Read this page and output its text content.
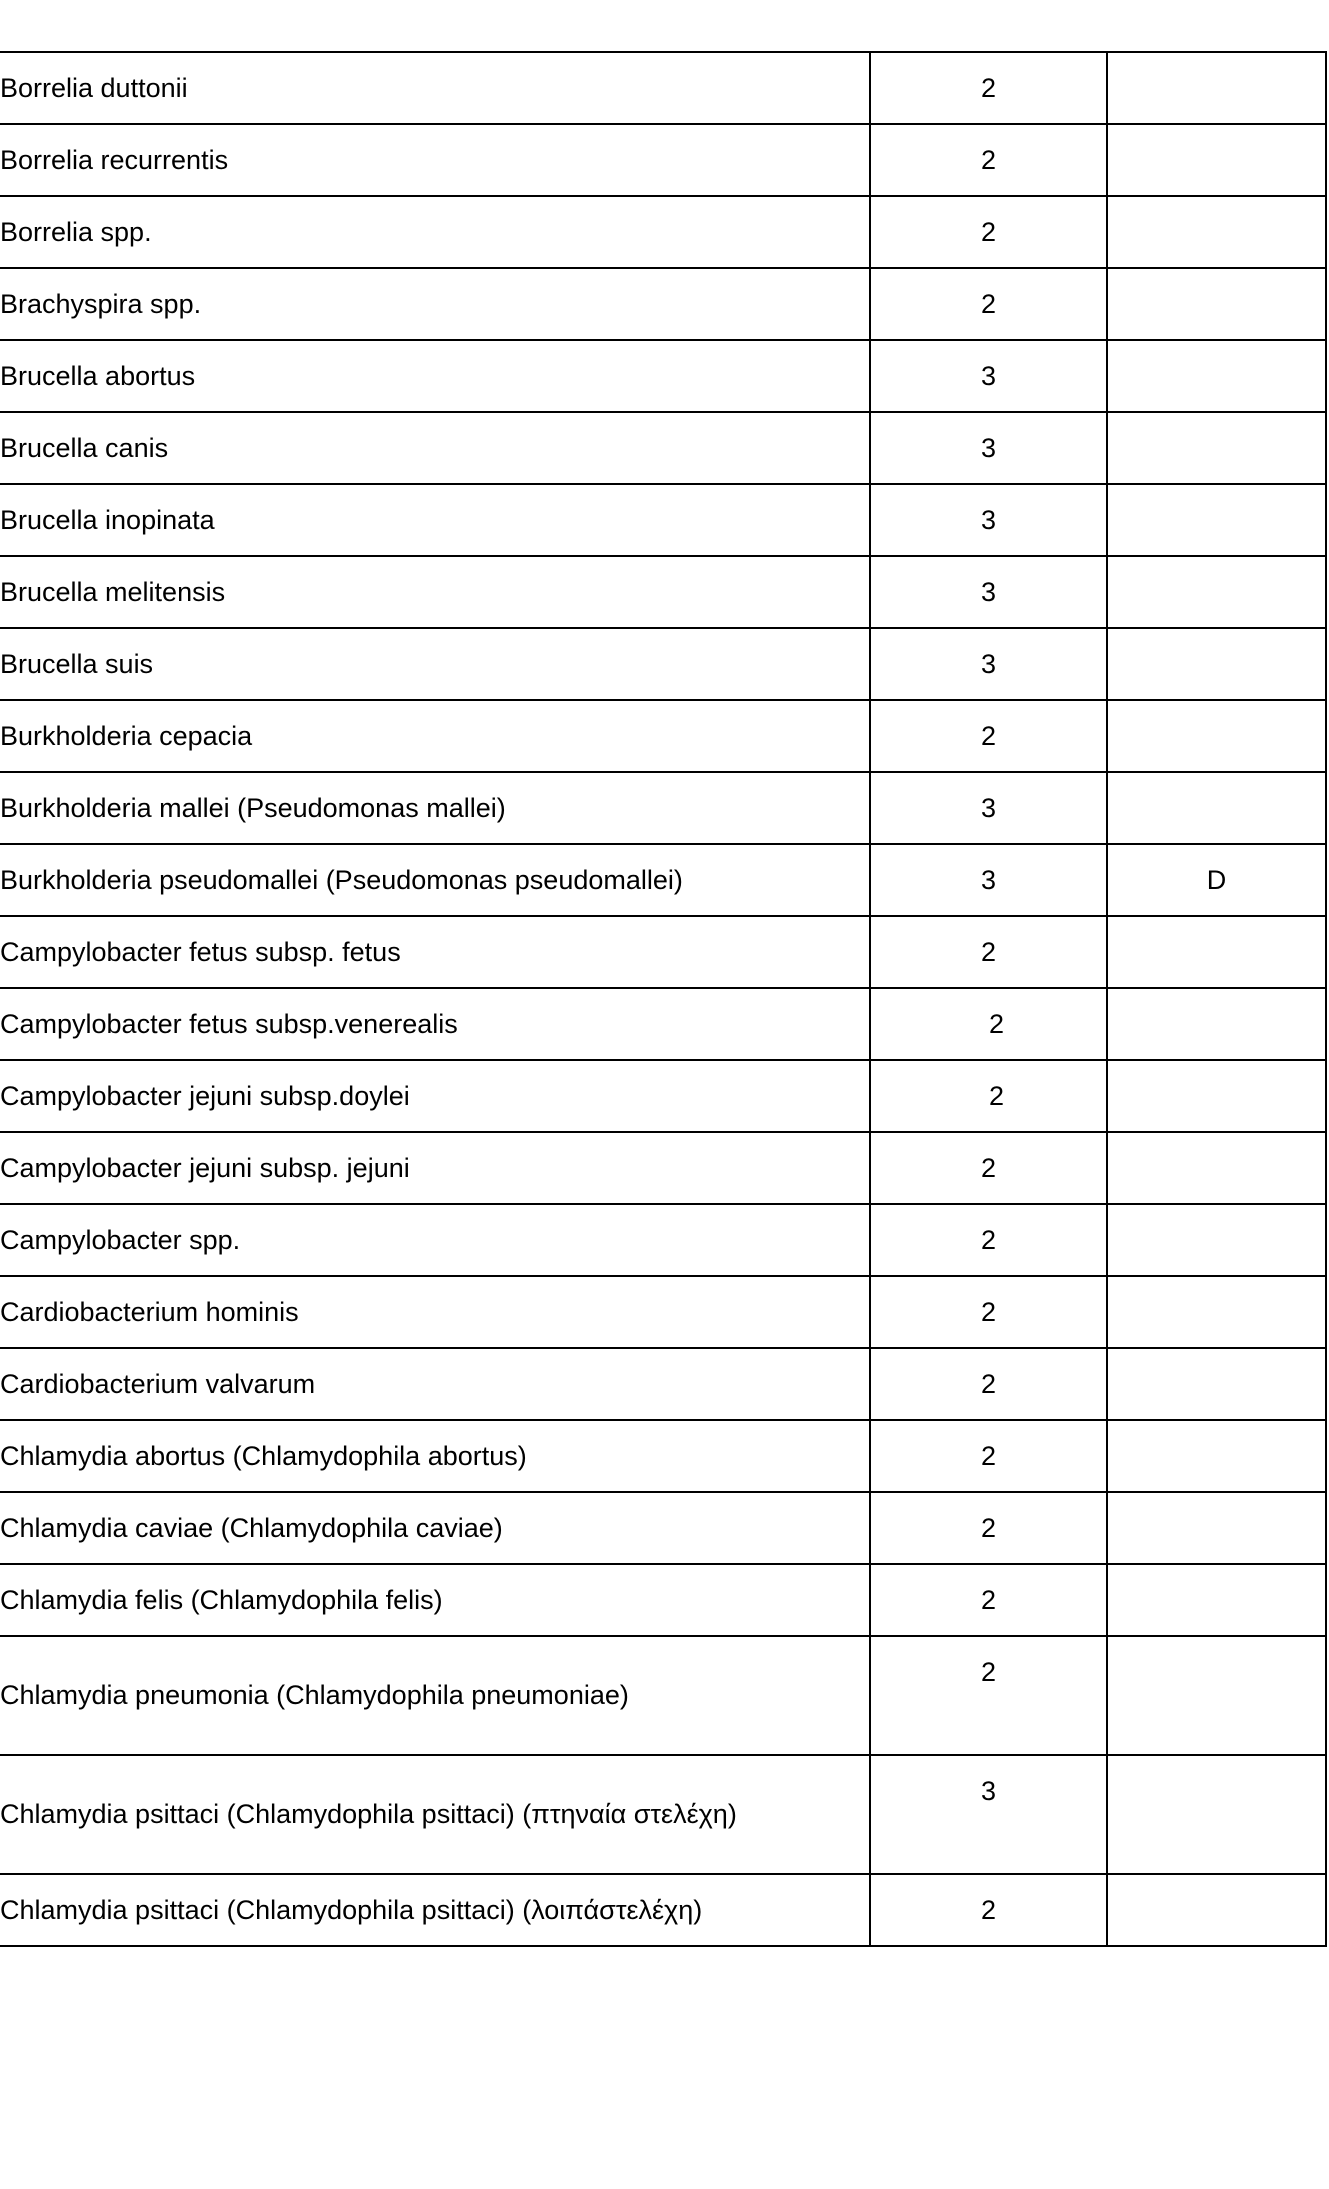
Borrelia duttonii	2	
Borrelia recurrentis	2	
Borrelia spp.	2	
Brachyspira spp.	2	
Brucella abortus	3	
Brucella canis	3	
Brucella inopinata	3	
Brucella melitensis	3	
Brucella suis	3	
Burkholderia cepacia	2	
Burkholderia mallei (Pseudomonas mallei)	3	
Burkholderia pseudomallei (Pseudomonas pseudomallei)	3	D
Campylobacter fetus subsp. fetus	2	
Campylobacter fetus subsp.venerealis	2	
Campylobacter jejuni subsp.doylei	2	
Campylobacter jejuni subsp. jejuni	2	
Campylobacter spp.	2	
Cardiobacterium hominis	2	
Cardiobacterium valvarum	2	
Chlamydia abortus (Chlamydophila abortus)	2	
Chlamydia caviae (Chlamydophila caviae)	2	
Chlamydia felis (Chlamydophila felis)	2	
Chlamydia pneumonia (Chlamydophila pneumoniae)	2	
Chlamydia psittaci (Chlamydophila psittaci) (πτηναία στελέχη)	3	
Chlamydia psittaci (Chlamydophila psittaci) (λοιπάστελέχη)	2	
